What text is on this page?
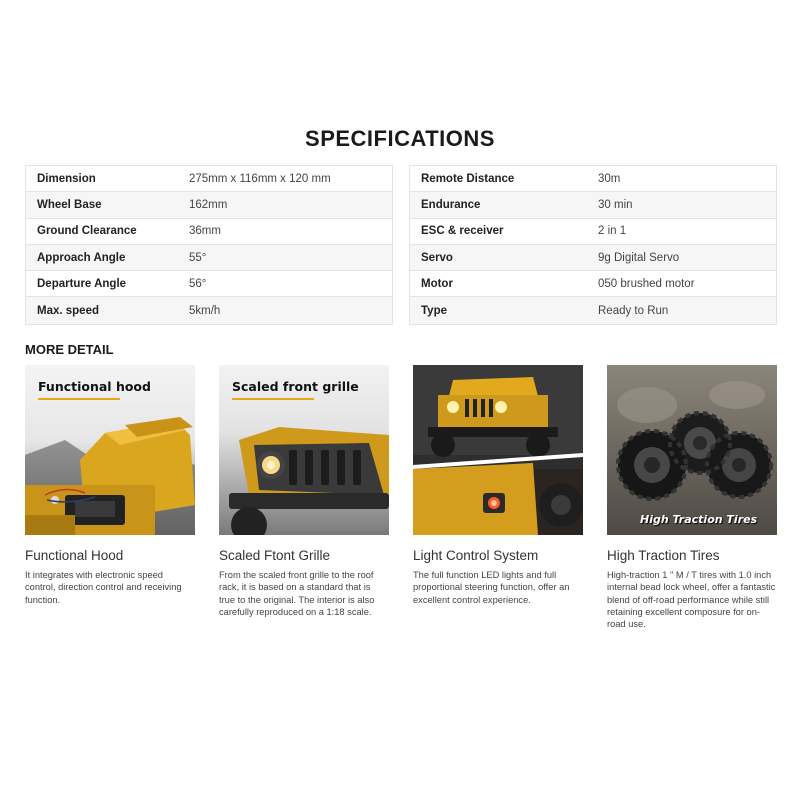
SPECIFICATIONS
Dimension	275mm x 116mm x 120 mm
Wheel Base	162mm
Ground Clearance	36mm
Approach Angle	55°
Departure Angle	56°
Max. speed	5km/h
Remote Distance	30m
Endurance	30 min
ESC & receiver	2 in 1
Servo	9g Digital Servo
Motor	050 brushed motor
Type	Ready to Run
MORE DETAIL
Functional hood
Functional Hood
It integrates with electronic speed control, direction control and receiving function.
Scaled front grille
Scaled Ftont Grille
From the scaled front grille to the roof rack, it is based on a standard that is true to the original. The interior is also carefully reproduced on a 1:18 scale.
Light Control System
The full function LED lights and full proportional steering function, offer an excellent control experience.
High Traction Tires
High Traction Tires
High-traction 1 " M / T tires with 1.0 inch internal bead lock wheel, offer a fantastic blend of off-road performance while still retaining excellent composure for on-road use.
